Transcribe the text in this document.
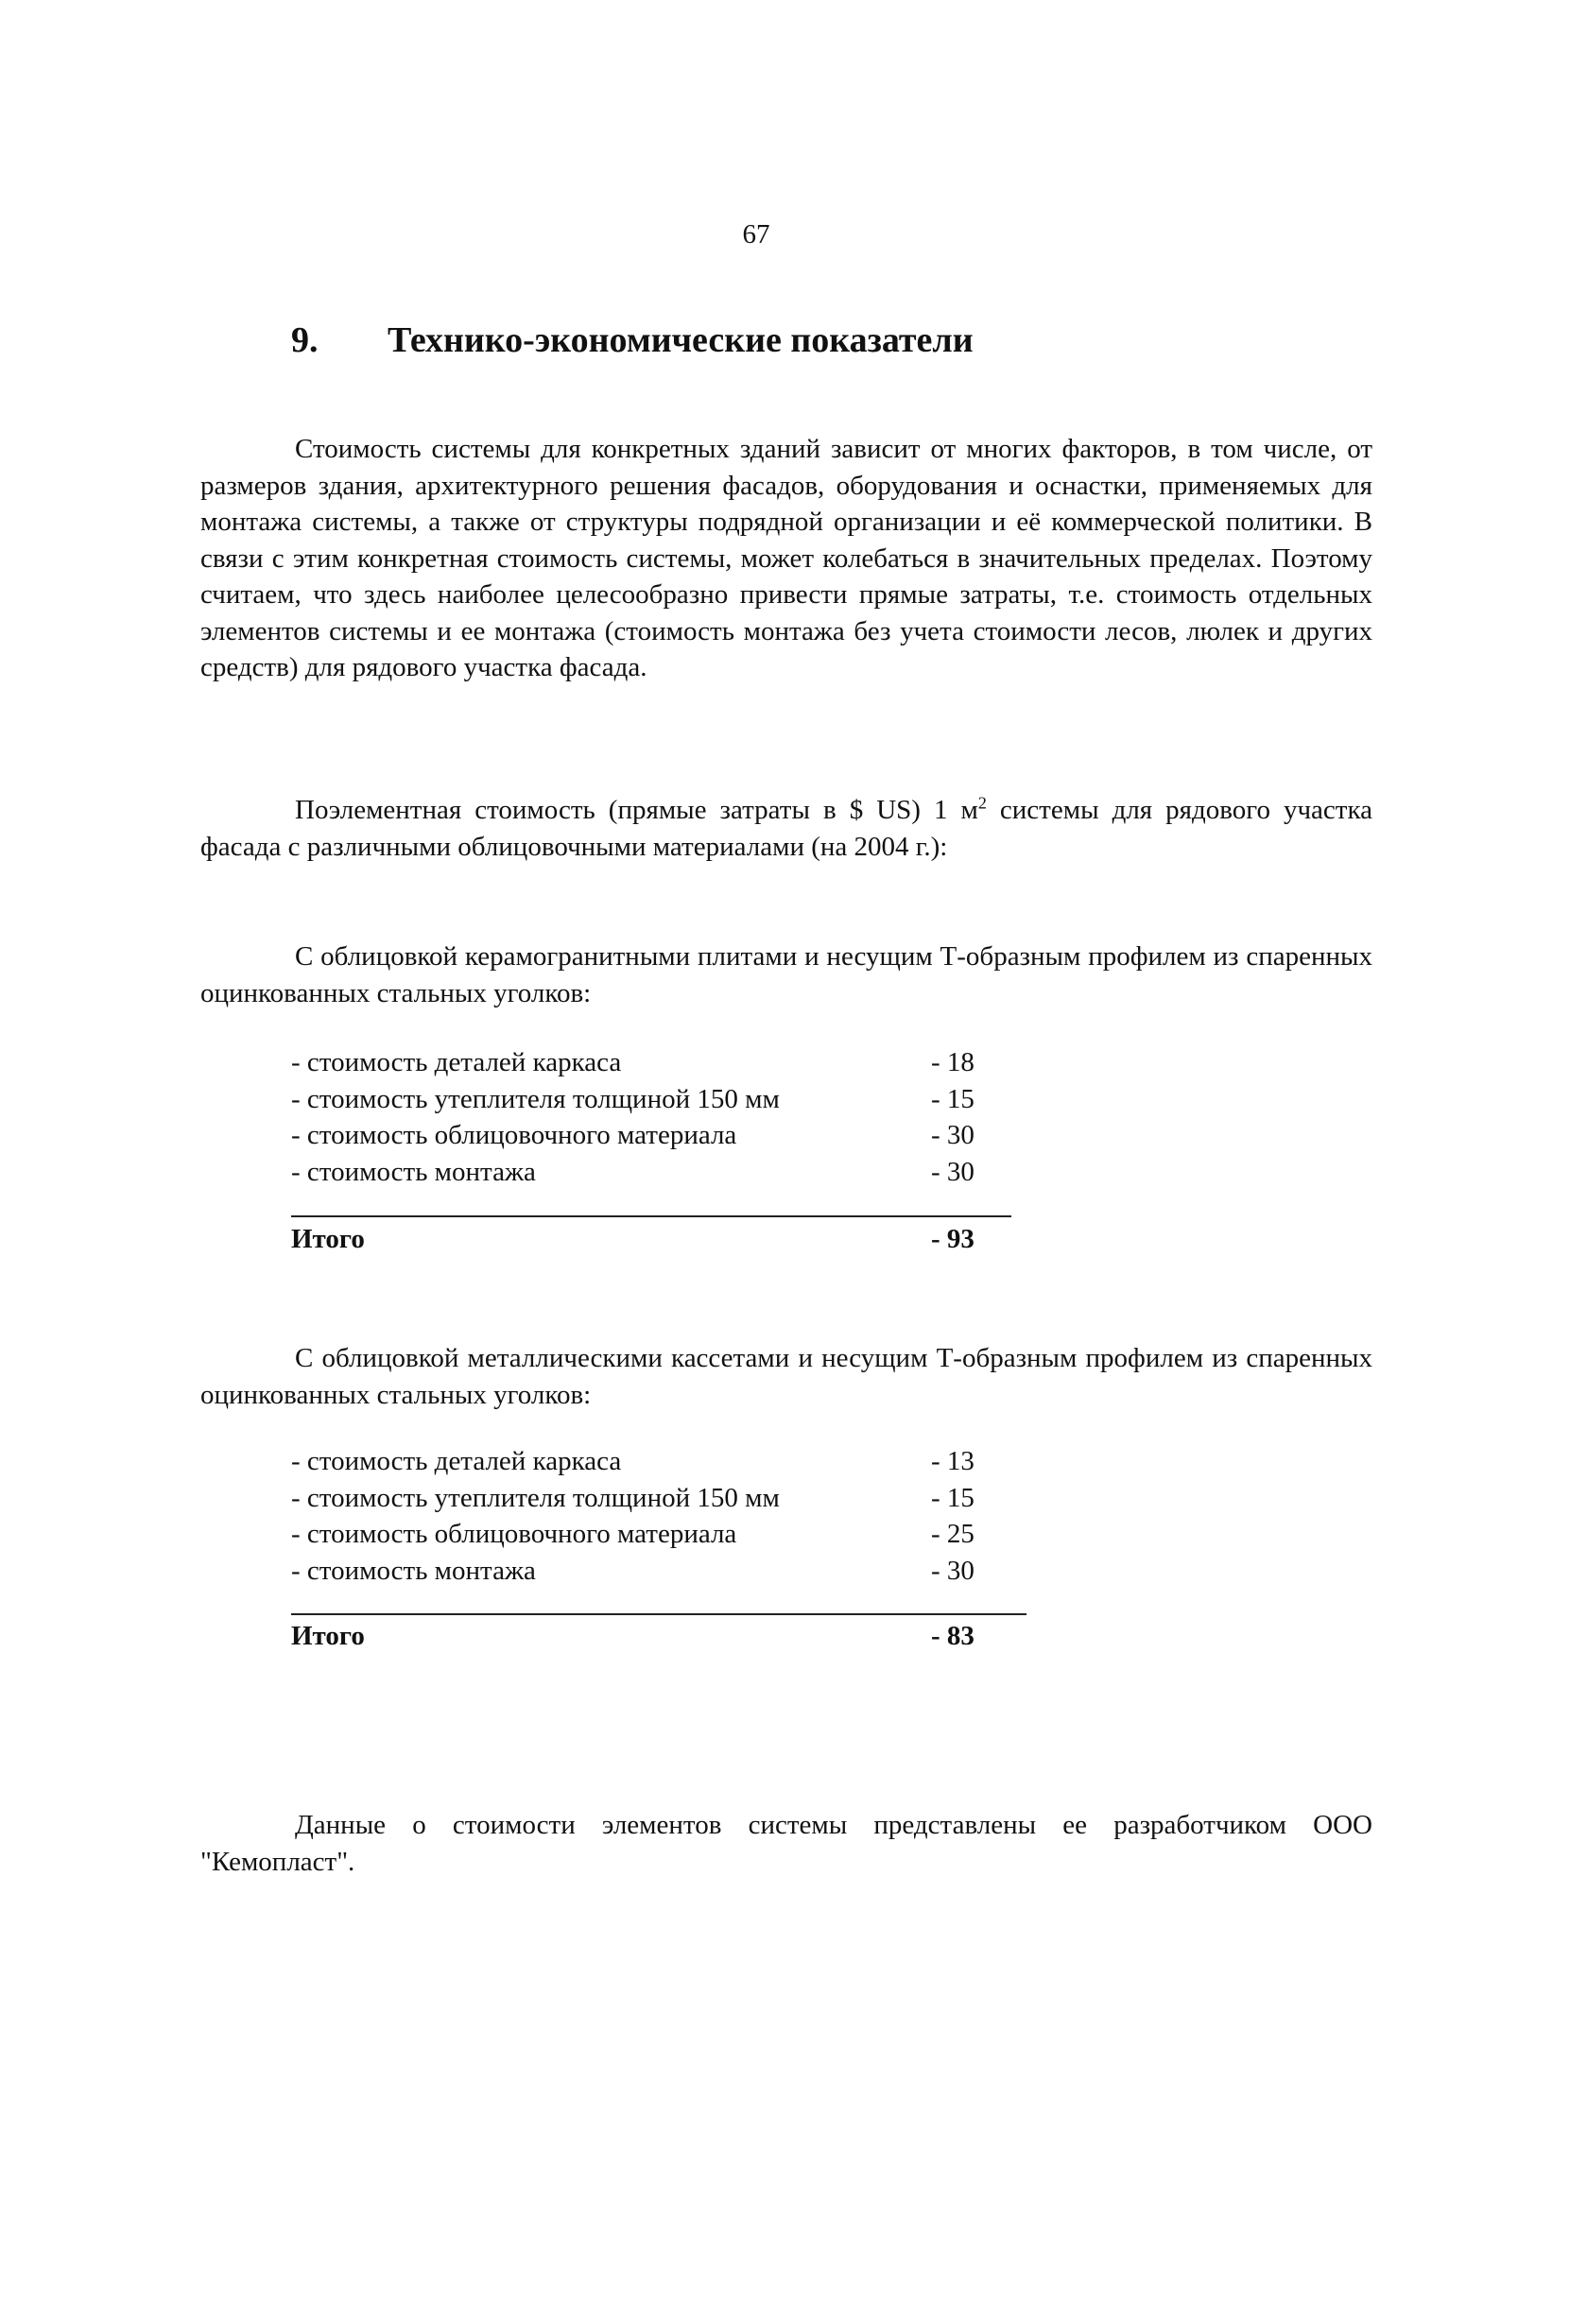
67
9. Технико-экономические показатели
Стоимость системы для конкретных зданий зависит от многих факторов, в том числе, от размеров здания, архитектурного решения фасадов, оборудования и оснастки, применяемых для монтажа системы, а также от структуры подрядной организации и её коммерческой политики. В связи с этим конкретная стоимость системы, может колебаться в значительных пределах. Поэтому считаем, что здесь наиболее целесообразно привести прямые затраты, т.е. стоимость отдельных элементов системы и ее монтажа (стоимость монтажа без учета стоимости лесов, люлек и других средств) для рядового участка фасада.
Поэлементная стоимость (прямые затраты в $ US) 1 $м^2$ системы для рядового участка фасада с различными облицовочными материалами (на 2004 г.):
С облицовкой керамогранитными плитами и несущим Т-образным профилем из спаренных оцинкованных стальных уголков:
- стоимость деталей каркаса	- 18
- стоимость утеплителя толщиной 150 мм	- 15
- стоимость облицовочного материала	- 30
- стоимость монтажа	- 30
Итого	- 93
С облицовкой металлическими кассетами и несущим Т-образным профилем из спаренных оцинкованных стальных уголков:
- стоимость деталей каркаса	- 13
- стоимость утеплителя толщиной 150 мм	- 15
- стоимость облицовочного материала	- 25
- стоимость монтажа	- 30
Итого	- 83
Данные о стоимости элементов системы представлены ее разработчиком ООО "Кемопласт".
